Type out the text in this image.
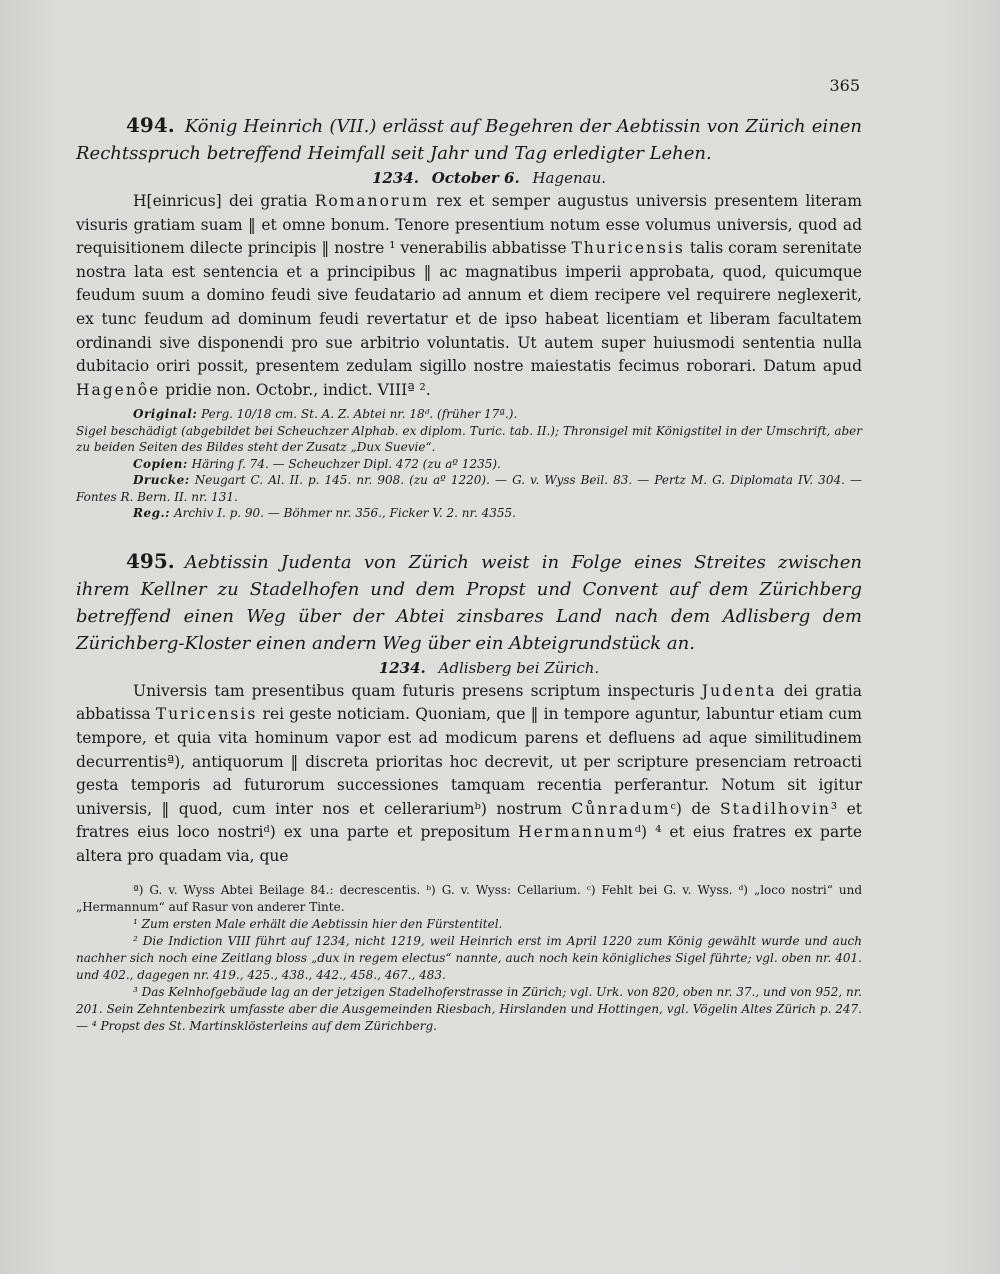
365

494. König Heinrich (VII.) erlässt auf Begehren der Aebtissin von Zürich einen Rechtsspruch betreffend Heimfall seit Jahr und Tag erledigter Lehen.

1234. October 6. Hagenau.

H[einricus] dei gratia Romanorum rex et semper augustus universis presentem literam visuris gratiam suam ‖ et omne bonum. Tenore presentium notum esse volumus universis, quod ad requisitionem dilecte principis ‖ nostre ¹ venerabilis abbatisse Thuricensis talis coram serenitate nostra lata est sentencia et a principibus ‖ ac magnatibus imperii approbata, quod, quicumque feudum suum a domino feudi sive feudatario ad annum et diem recipere vel requirere neglexerit, ex tunc feudum ad dominum feudi revertatur et de ipso habeat licentiam et liberam facultatem ordinandi sive disponendi pro sue arbitrio voluntatis. Ut autem super huiusmodi sententia nulla dubitacio oriri possit, presentem zedulam sigillo nostre maiestatis fecimus roborari. Datum apud Hagenôe pridie non. Octobr., indict. VIIIª ².

Original: Perg. 10/18 cm. St. A. Z. Abtei nr. 18ᵈ. (früher 17ª.).

Sigel beschädigt (abgebildet bei Scheuchzer Alphab. ex diplom. Turic. tab. II.); Thronsigel mit Königstitel in der Umschrift, aber zu beiden Seiten des Bildes steht der Zusatz „Dux Suevie“.

Copien: Häring f. 74. — Scheuchzer Dipl. 472 (zu aº 1235).

Drucke: Neugart C. Al. II. p. 145. nr. 908. (zu aº 1220). — G. v. Wyss Beil. 83. — Pertz M. G. Diplomata IV. 304. — Fontes R. Bern. II. nr. 131.

Reg.: Archiv I. p. 90. — Böhmer nr. 356., Ficker V. 2. nr. 4355.

495. Aebtissin Judenta von Zürich weist in Folge eines Streites zwischen ihrem Kellner zu Stadelhofen und dem Propst und Convent auf dem Zürichberg betreffend einen Weg über der Abtei zinsbares Land nach dem Adlisberg dem Zürichberg-Kloster einen andern Weg über ein Abteigrundstück an.

1234. Adlisberg bei Zürich.

Universis tam presentibus quam futuris presens scriptum inspecturis Judenta dei gratia abbatissa Turicensis rei geste noticiam. Quoniam, que ‖ in tempore aguntur, labuntur etiam cum tempore, et quia vita hominum vapor est ad modicum parens et defluens ad aque similitudinem decurrentisª), antiquorum ‖ discreta prioritas hoc decrevit, ut per scripture presenciam retroacti gesta temporis ad futurorum successiones tamquam recentia perferantur. Notum sit igitur universis, ‖ quod, cum inter nos et cellerariumᵇ) nostrum Cůnradumᶜ) de Stadilhovin³ et fratres eius loco nostriᵈ) ex una parte et prepositum Hermannumᵈ) ⁴ et eius fratres ex parte altera pro quadam via, que

ª) G. v. Wyss Abtei Beilage 84.: decrescentis. ᵇ) G. v. Wyss: Cellarium. ᶜ) Fehlt bei G. v. Wyss. ᵈ) „loco nostri“ und „Hermannum“ auf Rasur von anderer Tinte.

¹ Zum ersten Male erhält die Aebtissin hier den Fürstentitel.

² Die Indiction VIII führt auf 1234, nicht 1219, weil Heinrich erst im April 1220 zum König gewählt wurde und auch nachher sich noch eine Zeitlang bloss „dux in regem electus“ nannte, auch noch kein königliches Sigel führte; vgl. oben nr. 401. und 402., dagegen nr. 419., 425., 438., 442., 458., 467., 483.

³ Das Kelnhofgebäude lag an der jetzigen Stadelhoferstrasse in Zürich; vgl. Urk. von 820, oben nr. 37., und von 952, nr. 201. Sein Zehntenbezirk umfasste aber die Ausgemeinden Riesbach, Hirslanden und Hottingen, vgl. Vögelin Altes Zürich p. 247. — ⁴ Propst des St. Martinsklösterleins auf dem Zürichberg.
